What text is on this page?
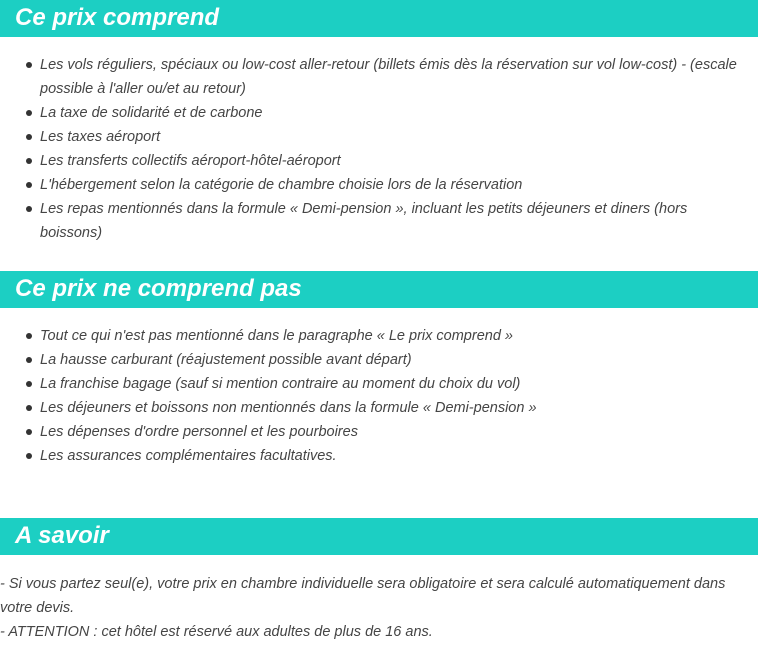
Ce prix comprend
Les vols réguliers, spéciaux ou low-cost aller-retour (billets émis dès la réservation sur vol low-cost) - (escale possible à l'aller ou/et au retour)
La taxe de solidarité et de carbone
Les taxes aéroport
Les transferts collectifs aéroport-hôtel-aéroport
L'hébergement selon la catégorie de chambre choisie lors de la réservation
Les repas mentionnés dans la formule « Demi-pension », incluant les petits déjeuners et diners (hors boissons)
Ce prix ne comprend pas
Tout ce qui n'est pas mentionné dans le paragraphe « Le prix comprend »
La hausse carburant (réajustement possible avant départ)
La franchise bagage (sauf si mention contraire au moment du choix du vol)
Les déjeuners et boissons non mentionnés dans la formule « Demi-pension »
Les dépenses d'ordre personnel et les pourboires
Les assurances complémentaires facultatives.
A savoir
- Si vous partez seul(e), votre prix en chambre individuelle sera obligatoire et sera calculé automatiquement dans votre devis.
- ATTENTION : cet hôtel est réservé aux adultes de plus de 16 ans.
